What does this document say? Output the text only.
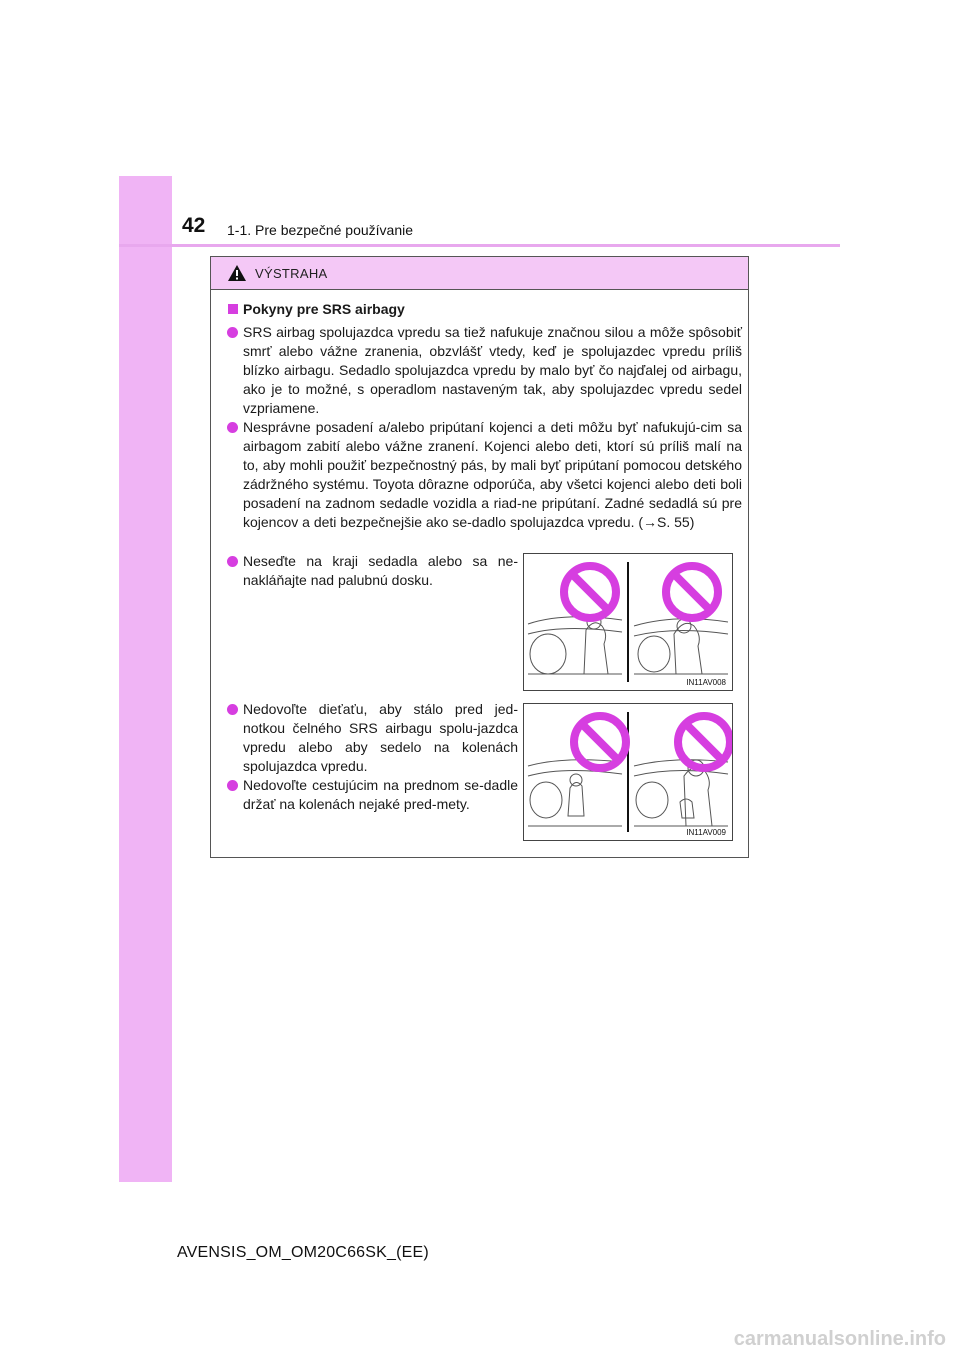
42 1-1. Pre bezpečné používanie
VÝSTRAHA
Pokyny pre SRS airbagy
SRS airbag spolujazdca vpredu sa tiež nafukuje značnou silou a môže spôsobiť smrť alebo vážne zranenia, obzvlášť vtedy, keď je spolujazdec vpredu príliš blízko airbagu. Sedadlo spolujazdca vpredu by malo byť čo najďalej od airbagu, ako je to možné, s operadlom nastaveným tak, aby spolujazdec vpredu sedel vzpriamene.
Nesprávne posadení a/alebo pripútaní kojenci a deti môžu byť nafukujú-cim sa airbagom zabití alebo vážne zranení. Kojenci alebo deti, ktorí sú príliš malí na to, aby mohli použiť bezpečnostný pás, by mali byť pripútaní pomocou detského zádržného systému. Toyota dôrazne odporúča, aby všetci kojenci alebo deti boli posadení na zadnom sedadle vozidla a riad-ne pripútaní. Zadné sedadlá sú pre kojencov a deti bezpečnejšie ako se-dadlo spolujazdca vpredu. (→S. 55)
Neseďte na kraji sedadla alebo sa ne-nakláňajte nad palubnú dosku.
Nedovoľte dieťaťu, aby stálo pred jed-notkou čelného SRS airbagu spolu-jazdca vpredu alebo aby sedelo na kolenách spolujazdca vpredu.
Nedovoľte cestujúcim na prednom se-dadle držať na kolenách nejaké pred-mety.
IN11AV008
IN11AV009
AVENSIS_OM_OM20C66SK_(EE)
carmanualsonline.info
